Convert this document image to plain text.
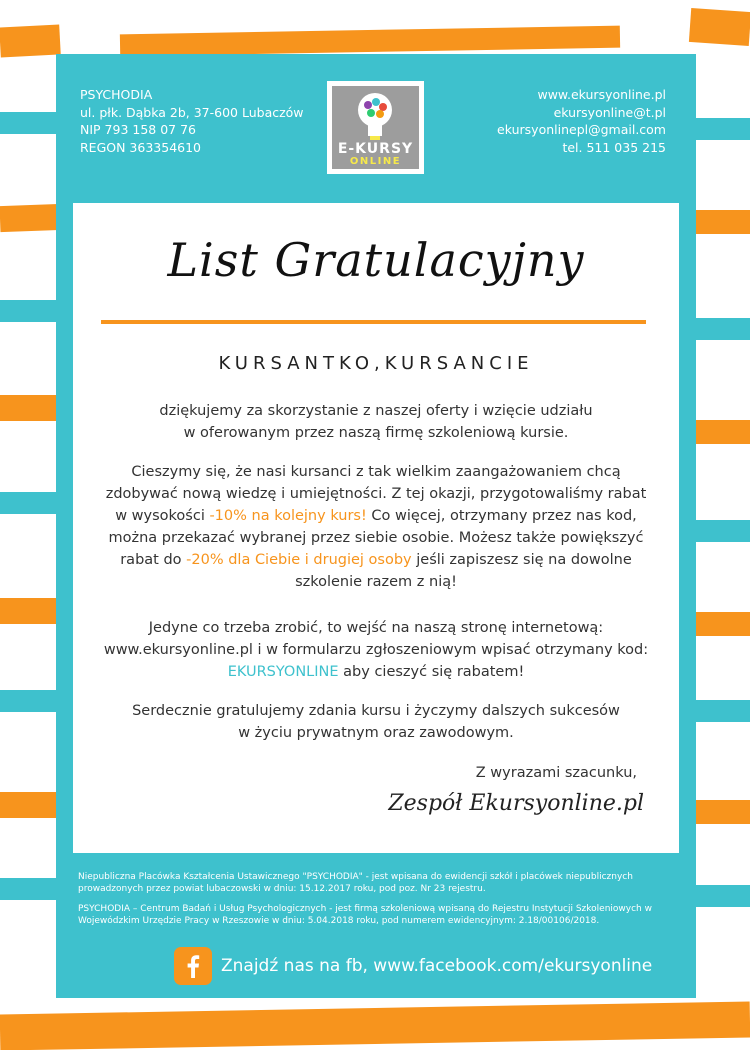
PSYCHODIA
ul. płk. Dąbka 2b, 37-600 Lubaczów
NIP 793 158 07 76
REGON 363354610	E-KURSY
ONLINE
www.ekursyonline.pl
ekursyonline@t.pl
ekursyonlinepl@gmail.com
tel. 511 035 215
List Gratulacyjny
KURSANTKO,KURSANCIE
dziękujemy za skorzystanie z naszej oferty i wzięcie udziału
w oferowanym przez naszą firmę szkoleniową kursie.
Cieszymy się, że nasi kursanci z tak wielkim zaangażowaniem chcą
zdobywać nową wiedzę i umiejętności. Z tej okazji, przygotowaliśmy rabat
w wysokości -10% na kolejny kurs! Co więcej, otrzymany przez nas kod,
można przekazać wybranej przez siebie osobie. Możesz także powiększyć
rabat do -20% dla Ciebie i drugiej osoby jeśli zapiszesz się na dowolne
szkolenie razem z nią!
Jedyne co trzeba zrobić, to wejść na naszą stronę internetową:
www.ekursyonline.pl i w formularzu zgłoszeniowym wpisać otrzymany kod:
EKURSYONLINE aby cieszyć się rabatem!
Serdecznie gratulujemy zdania kursu i życzymy dalszych sukcesów
w życiu prywatnym oraz zawodowym.
Z wyrazami szacunku,
Zespół Ekursyonline.pl
Niepubliczna Placówka Kształcenia Ustawicznego "PSYCHODIA" - jest wpisana do ewidencji szkół i placówek niepublicznych prowadzonych przez powiat lubaczowski w dniu: 15.12.2017 roku, pod poz. Nr 23 rejestru.
PSYCHODIA – Centrum Badań i Usług Psychologicznych - jest firmą szkoleniową wpisaną do Rejestru Instytucji Szkoleniowych w Wojewódzkim Urzędzie Pracy w Rzeszowie w dniu: 5.04.2018 roku, pod numerem ewidencyjnym: 2.18/00106/2018.
Znajdź nas na fb, www.facebook.com/ekursyonline
